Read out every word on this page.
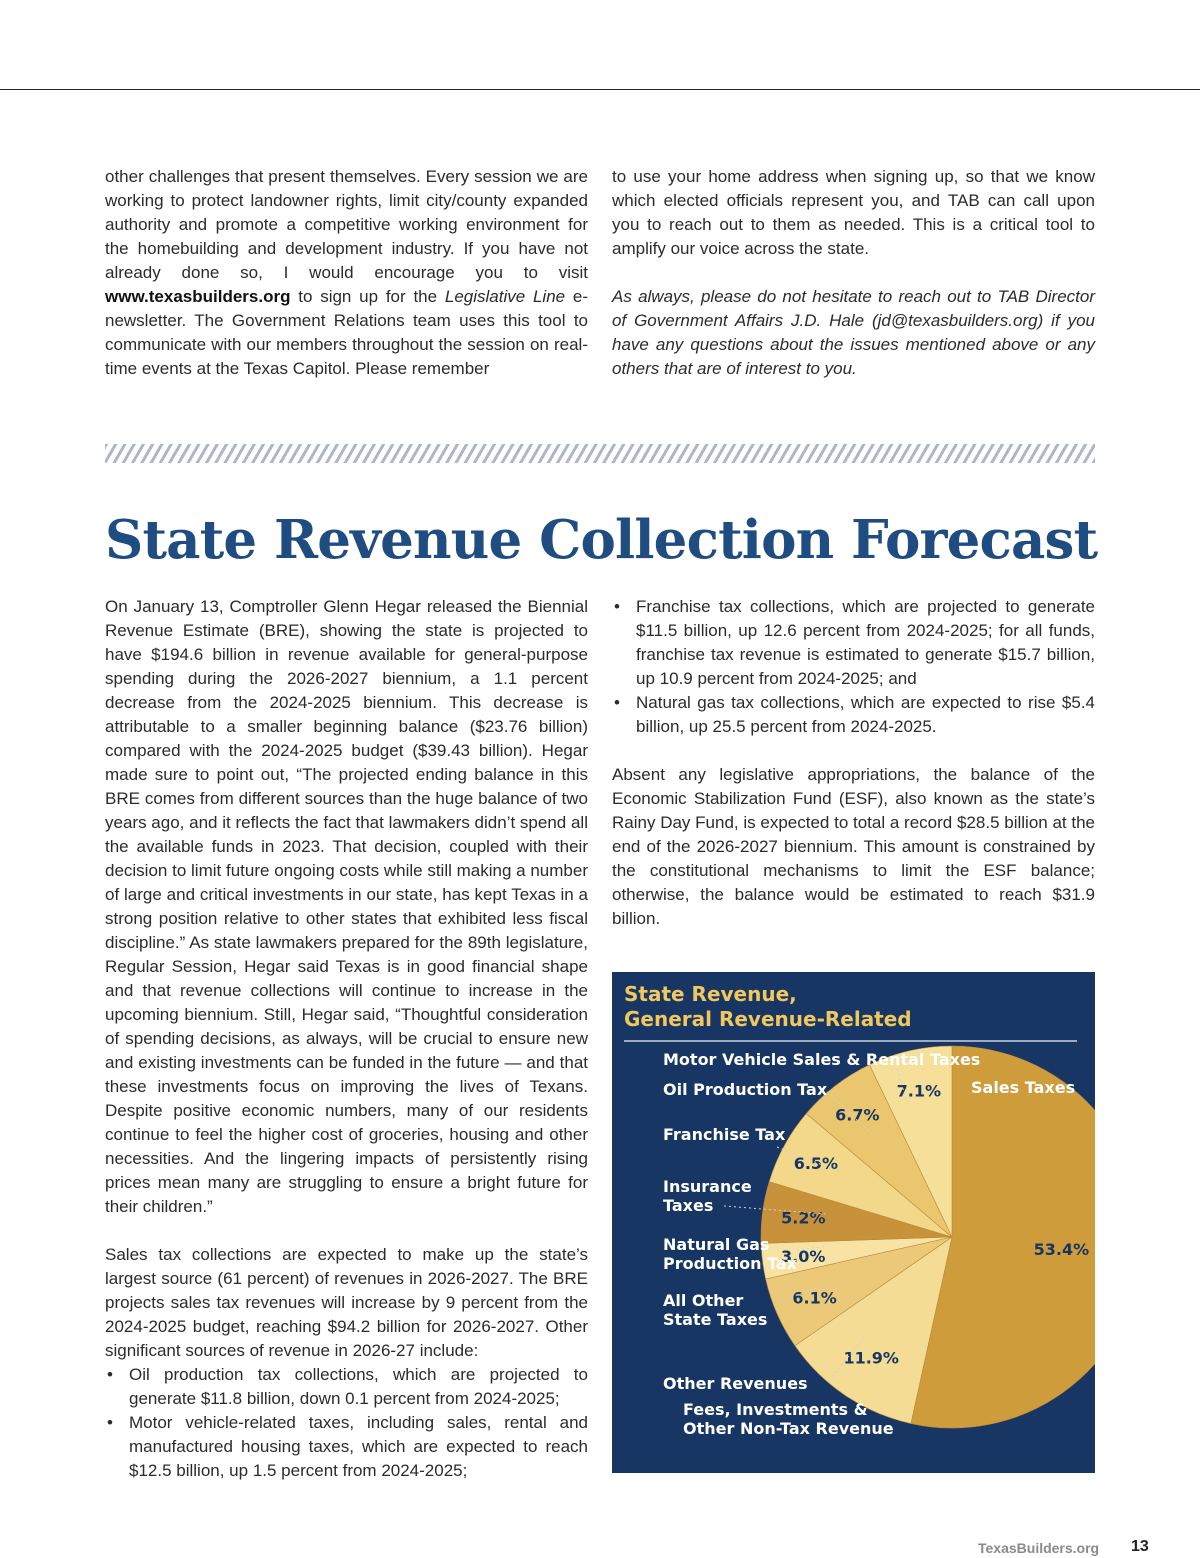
other challenges that present themselves. Every session we are working to protect landowner rights, limit city/county expanded authority and promote a competitive working environment for the homebuilding and development industry. If you have not already done so, I would encourage you to visit www.texasbuilders.org to sign up for the Legislative Line e-newsletter. The Government Relations team uses this tool to communicate with our members throughout the session on real-time events at the Texas Capitol. Please remember

to use your home address when signing up, so that we know which elected officials represent you, and TAB can call upon you to reach out to them as needed. This is a critical tool to amplify our voice across the state.

As always, please do not hesitate to reach out to TAB Director of Government Affairs J.D. Hale (jd@texasbuilders.org) if you have any questions about the issues mentioned above or any others that are of interest to you.

State Revenue Collection Forecast

On January 13, Comptroller Glenn Hegar released the Biennial Revenue Estimate (BRE), showing the state is projected to have $194.6 billion in revenue available for general-purpose spending during the 2026-2027 biennium, a 1.1 percent decrease from the 2024-2025 biennium. This decrease is attributable to a smaller beginning balance ($23.76 billion) compared with the 2024-2025 budget ($39.43 billion). Hegar made sure to point out, “The projected ending balance in this BRE comes from different sources than the huge balance of two years ago, and it reflects the fact that lawmakers didn’t spend all the available funds in 2023. That decision, coupled with their decision to limit future ongoing costs while still making a number of large and critical investments in our state, has kept Texas in a strong position relative to other states that exhibited less fiscal discipline.” As state lawmakers prepared for the 89th legislature, Regular Session, Hegar said Texas is in good financial shape and that revenue collections will continue to increase in the upcoming biennium. Still, Hegar said, “Thoughtful consideration of spending decisions, as always, will be crucial to ensure new and existing investments can be funded in the future — and that these investments focus on improving the lives of Texans. Despite positive economic numbers, many of our residents continue to feel the higher cost of groceries, housing and other necessities. And the lingering impacts of persistently rising prices mean many are struggling to ensure a bright future for their children.”

Sales tax collections are expected to make up the state’s largest source (61 percent) of revenues in 2026-2027. The BRE projects sales tax revenues will increase by 9 percent from the 2024-2025 budget, reaching $94.2 billion for 2026-2027. Other significant sources of revenue in 2026-27 include:

• Oil production tax collections, which are projected to generate $11.8 billion, down 0.1 percent from 2024-2025;
• Motor vehicle-related taxes, including sales, rental and manufactured housing taxes, which are expected to reach $12.5 billion, up 1.5 percent from 2024-2025;
• Franchise tax collections, which are projected to generate $11.5 billion, up 12.6 percent from 2024-2025; for all funds, franchise tax revenue is estimated to generate $15.7 billion, up 10.9 percent from 2024-2025; and
• Natural gas tax collections, which are expected to rise $5.4 billion, up 25.5 percent from 2024-2025.

Absent any legislative appropriations, the balance of the Economic Stabilization Fund (ESF), also known as the state’s Rainy Day Fund, is expected to total a record $28.5 billion at the end of the 2026-2027 biennium. This amount is constrained by the constitutional mechanisms to limit the ESF balance; otherwise, the balance would be estimated to reach $31.9 billion.

State Revenue,
General Revenue-Related
53.4%
7.1%
6.7%
6.5%
5.2%
3.0%
6.1%
11.9%
Sales Taxes
Motor Vehicle Sales & Rental Taxes
Oil Production Tax
Franchise Tax
Insurance
Taxes
Natural Gas
Production Tax
All Other
State Taxes
Other Revenues
Fees, Investments &
Other Non-Tax Revenue
TexasBuilders.org 13
